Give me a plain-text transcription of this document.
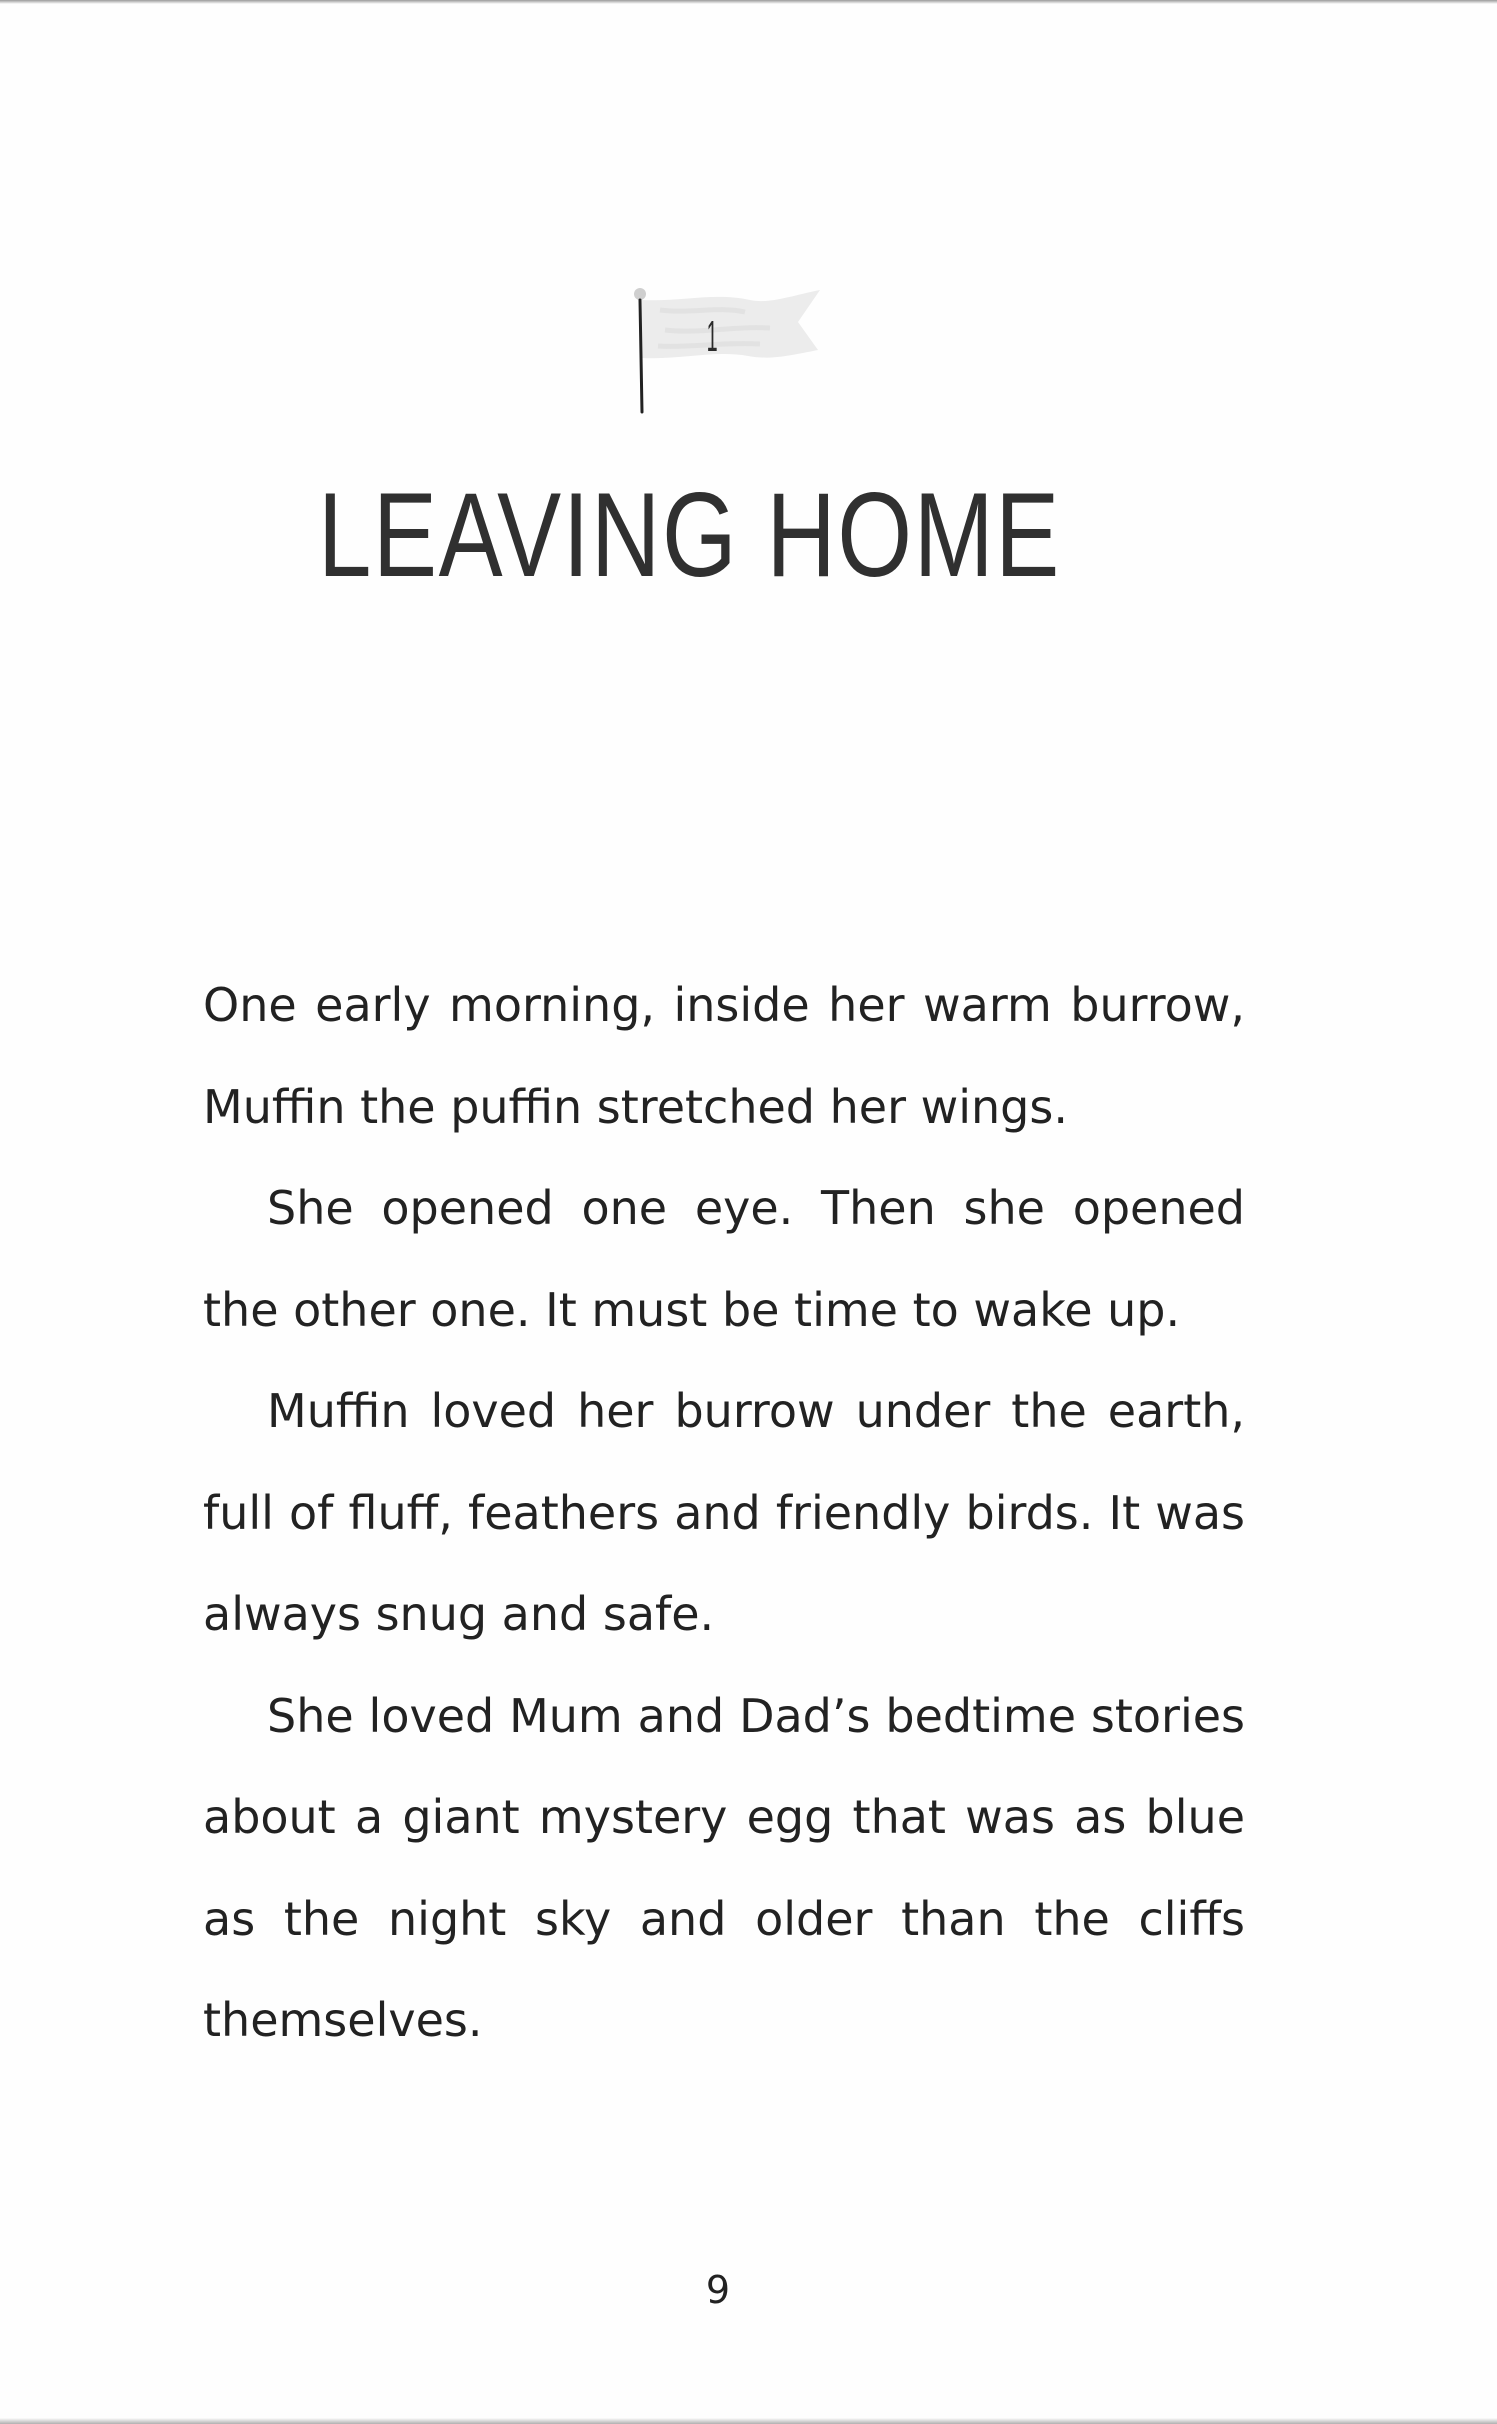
1
LEAVING HOME

One early morning, inside her warm burrow, Muffin the puffin stretched her wings.

She opened one eye. Then she opened the other one. It must be time to wake up.

Muffin loved her burrow under the earth, full of fluff, feathers and friendly birds. It was always snug and safe.

She loved Mum and Dad’s bedtime stories about a giant mystery egg that was as blue as the night sky and older than the cliffs themselves.

9
